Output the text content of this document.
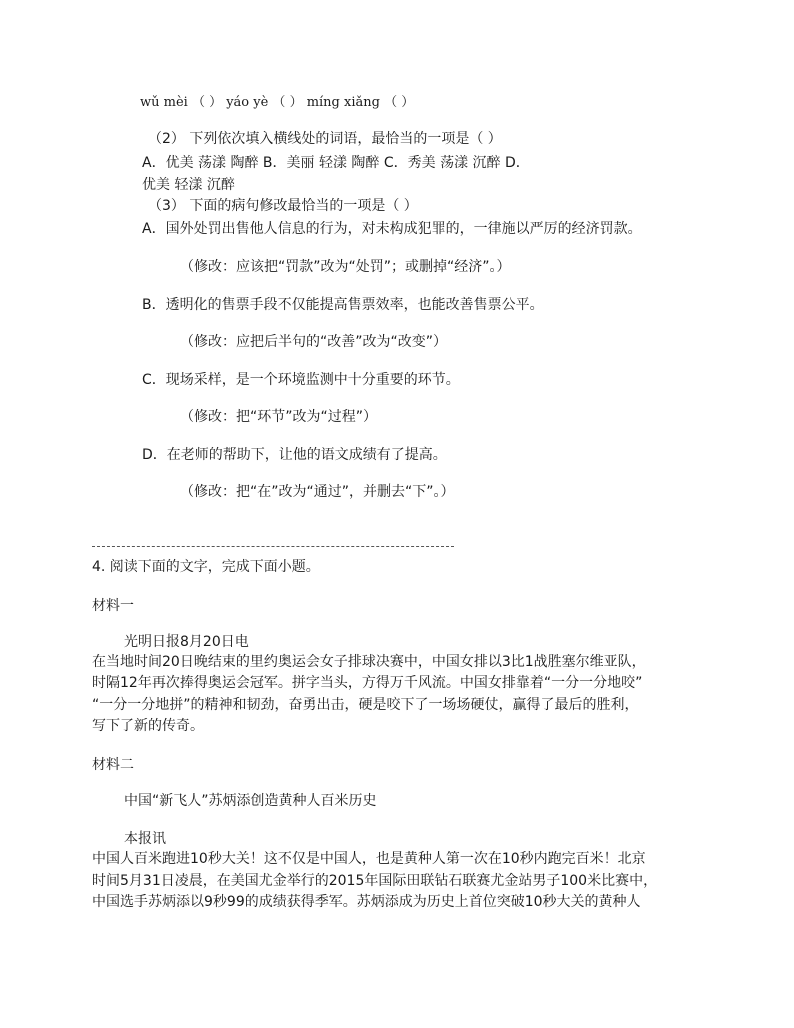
wǔ mèi （ ） yáo yè （ ） míng xiǎng （ ）
（2） 下列依次填入横线处的词语，最恰当的一项是（ ）
A．优美 荡漾 陶醉 B．美丽 轻漾 陶醉 C．秀美 荡漾 沉醉 D．
优美 轻漾 沉醉
（3） 下面的病句修改最恰当的一项是（ ）
A．国外处罚出售他人信息的行为，对未构成犯罪的，一律施以严厉的经济罚款。
（修改：应该把“罚款”改为“处罚”；或删掉“经济”。）
B．透明化的售票手段不仅能提高售票效率，也能改善售票公平。
（修改：应把后半句的“改善”改为“改变”）
C．现场采样，是一个环境监测中十分重要的环节。
（修改：把“环节”改为“过程”）
D．在老师的帮助下，让他的语文成绩有了提高。
（修改：把“在”改为“通过”，并删去“下”。）
4. 阅读下面的文字，完成下面小题。
材料一
光明日报8月20日电
在当地时间20日晚结束的里约奥运会女子排球决赛中，中国女排以3比1战胜塞尔维亚队，
时隔12年再次捧得奥运会冠军。拼字当头，方得万千风流。中国女排靠着“一分一分地咬”
“一分一分地拼”的精神和韧劲，奋勇出击，硬是咬下了一场场硬仗，赢得了最后的胜利，
写下了新的传奇。
材料二
中国“新飞人”苏炳添创造黄种人百米历史
本报讯
中国人百米跑进10秒大关！这不仅是中国人，也是黄种人第一次在10秒内跑完百米！北京
时间5月31日凌晨，在美国尤金举行的2015年国际田联钻石联赛尤金站男子100米比赛中，
中国选手苏炳添以9秒99的成绩获得季军。苏炳添成为历史上首位突破10秒大关的黄种人
